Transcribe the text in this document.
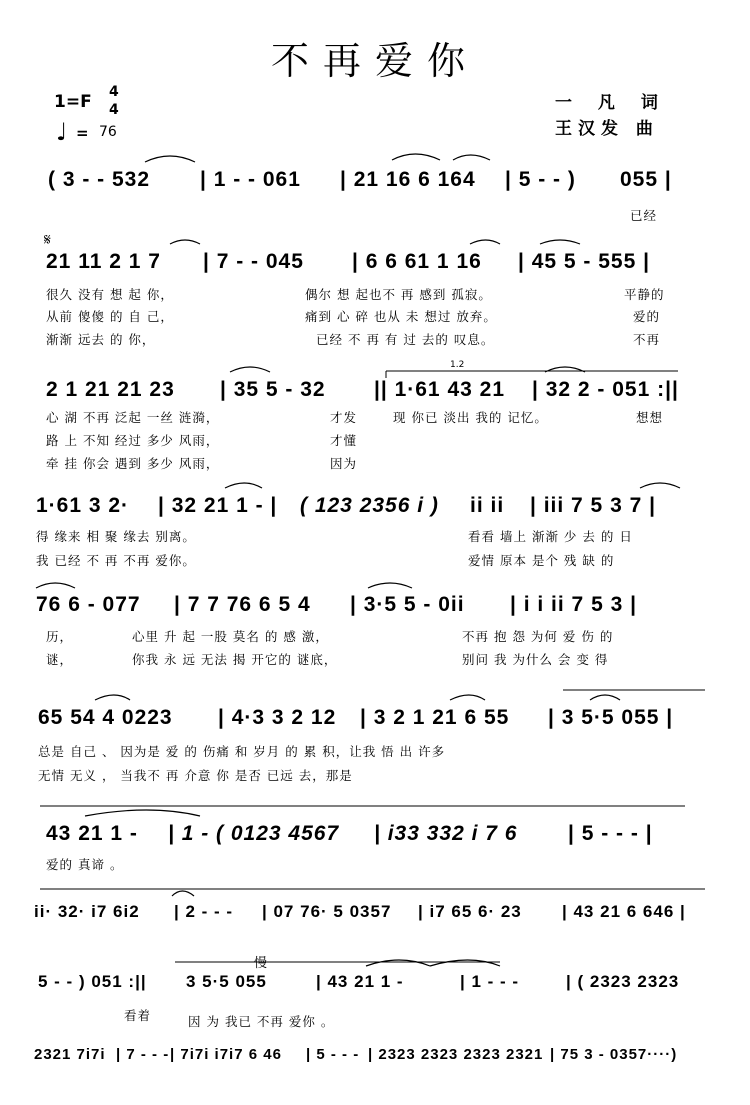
不再爱你
1=F 4
4
♩ = 76
一 凡 词
王汉发 曲
( 3 - - 532 | 1 - - 061 | 21 16 6 164 | 5 - - ) 055 |
已经
𝄋
21 11 2 1 7 | 7 - - 045 | 6 6 61 1 16 | 45 5 - 555 |
很久 没有 想 起 你，	偶尔 想 起也不 再 感到 孤寂。	平静的
从前 傻傻 的 自 己，	痛到 心 碎 也从 未 想过 放弃。	爱的
渐渐 远去 的 你，	已经 不 再 有 过 去的 叹息。	不再
1.2
2 1 21 21 23 | 35 5 - 32 || 1·61 43 21 | 32 2 - 051 :||
心 湖 不再 泛起 一丝 涟漪，	才发	现 你已 淡出 我的 记忆。	想想
路 上 不知 经过 多少 风雨，	才懂
牵 挂 你会 遇到 多少 风雨，	因为
1·61 3 2· | 32 21 1 - | ( 123 2356 i ) ii ii | iii 7 5 3 7 |
得 缘来 相 聚 缘去 别离。	看看 墙上 渐渐 少 去 的 日
我 已经 不 再 不再 爱你。	爱情 原本 是个 残 缺 的
76 6 - 077 | 7 7 76 6 5 4 | 3·5 5 - 0ii | i i ii 7 5 3 |
历，	心里 升 起 一股 莫名 的 感 激，	不再 抱 怨 为何 爱 伤 的
谜，	你我 永 远 无法 揭 开它的 谜底，	别问 我 为什么 会 变 得
65 54 4 0223 | 4·3 3 2 12 | 3 2 1 21 6 55 | 3 5·5 055 |
总是 自己 、 因为是 爱 的 伤痛 和 岁月 的 累 积，让我 悟 出 许多
无情 无义 ， 当我不 再 介意 你 是否 已远 去，那是
43 21 1 - | 1 - ( 0123 4567 | i33 332 i 7 6 | 5 - - - |
爱的 真谛 。
ii· 32· i7 6i2 | 2 - - - | 07 76· 5 0357 | i7 65 6· 23 | 43 21 6 646 |
慢
5 - - ) 051 :|| 3 5·5 055	| 43 21 1 -	| 1 - - -	| ( 2323 2323
看着	因 为 我已 不再 爱你 。
2321 7i7i | 7 - - - | 7i7i i7i7 6 46 | 5 - - - | 2323 2323 2323 2321 | 75 3 - 0357····)
